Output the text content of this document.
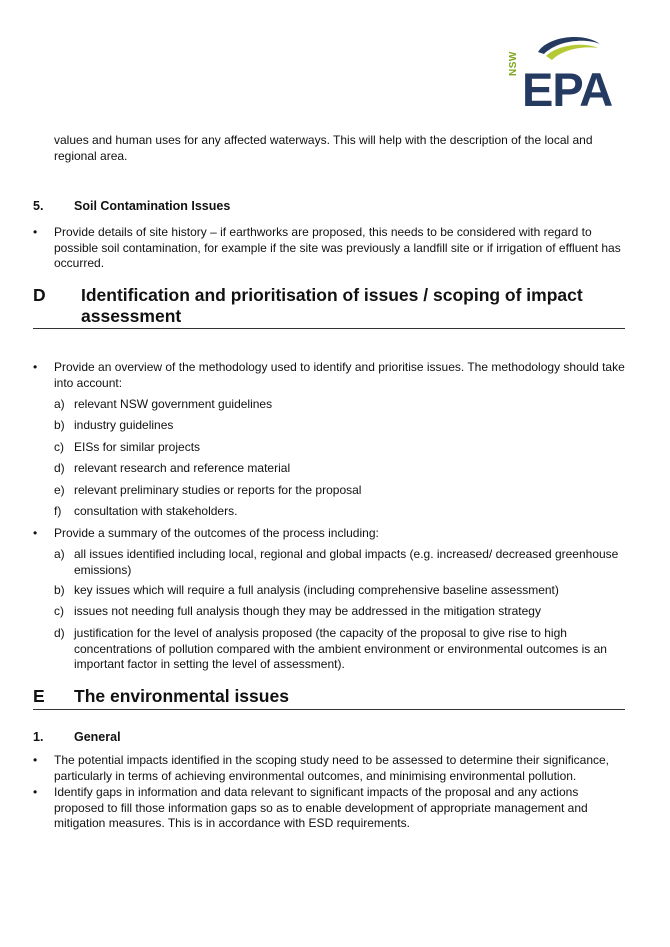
NSW EPA
values and human uses for any affected waterways. This will help with the description of the local and regional area.
5. Soil Contamination Issues
•	Provide details of site history – if earthworks are proposed, this needs to be considered with regard to possible soil contamination, for example if the site was previously a landfill site or if irrigation of effluent has occurred.
D Identification and prioritisation of issues / scoping of impact assessment
•	Provide an overview of the methodology used to identify and prioritise issues. The methodology should take into account:
a) relevant NSW government guidelines
b) industry guidelines
c) EISs for similar projects
d) relevant research and reference material
e) relevant preliminary studies or reports for the proposal
f) consultation with stakeholders.
•	Provide a summary of the outcomes of the process including:
a) all issues identified including local, regional and global impacts (e.g. increased/ decreased greenhouse emissions)
b) key issues which will require a full analysis (including comprehensive baseline assessment)
c) issues not needing full analysis though they may be addressed in the mitigation strategy
d) justification for the level of analysis proposed (the capacity of the proposal to give rise to high concentrations of pollution compared with the ambient environment or environmental outcomes is an important factor in setting the level of assessment).
E The environmental issues
1. General
•	The potential impacts identified in the scoping study need to be assessed to determine their significance, particularly in terms of achieving environmental outcomes, and minimising environmental pollution.
•	Identify gaps in information and data relevant to significant impacts of the proposal and any actions proposed to fill those information gaps so as to enable development of appropriate management and mitigation measures. This is in accordance with ESD requirements.
